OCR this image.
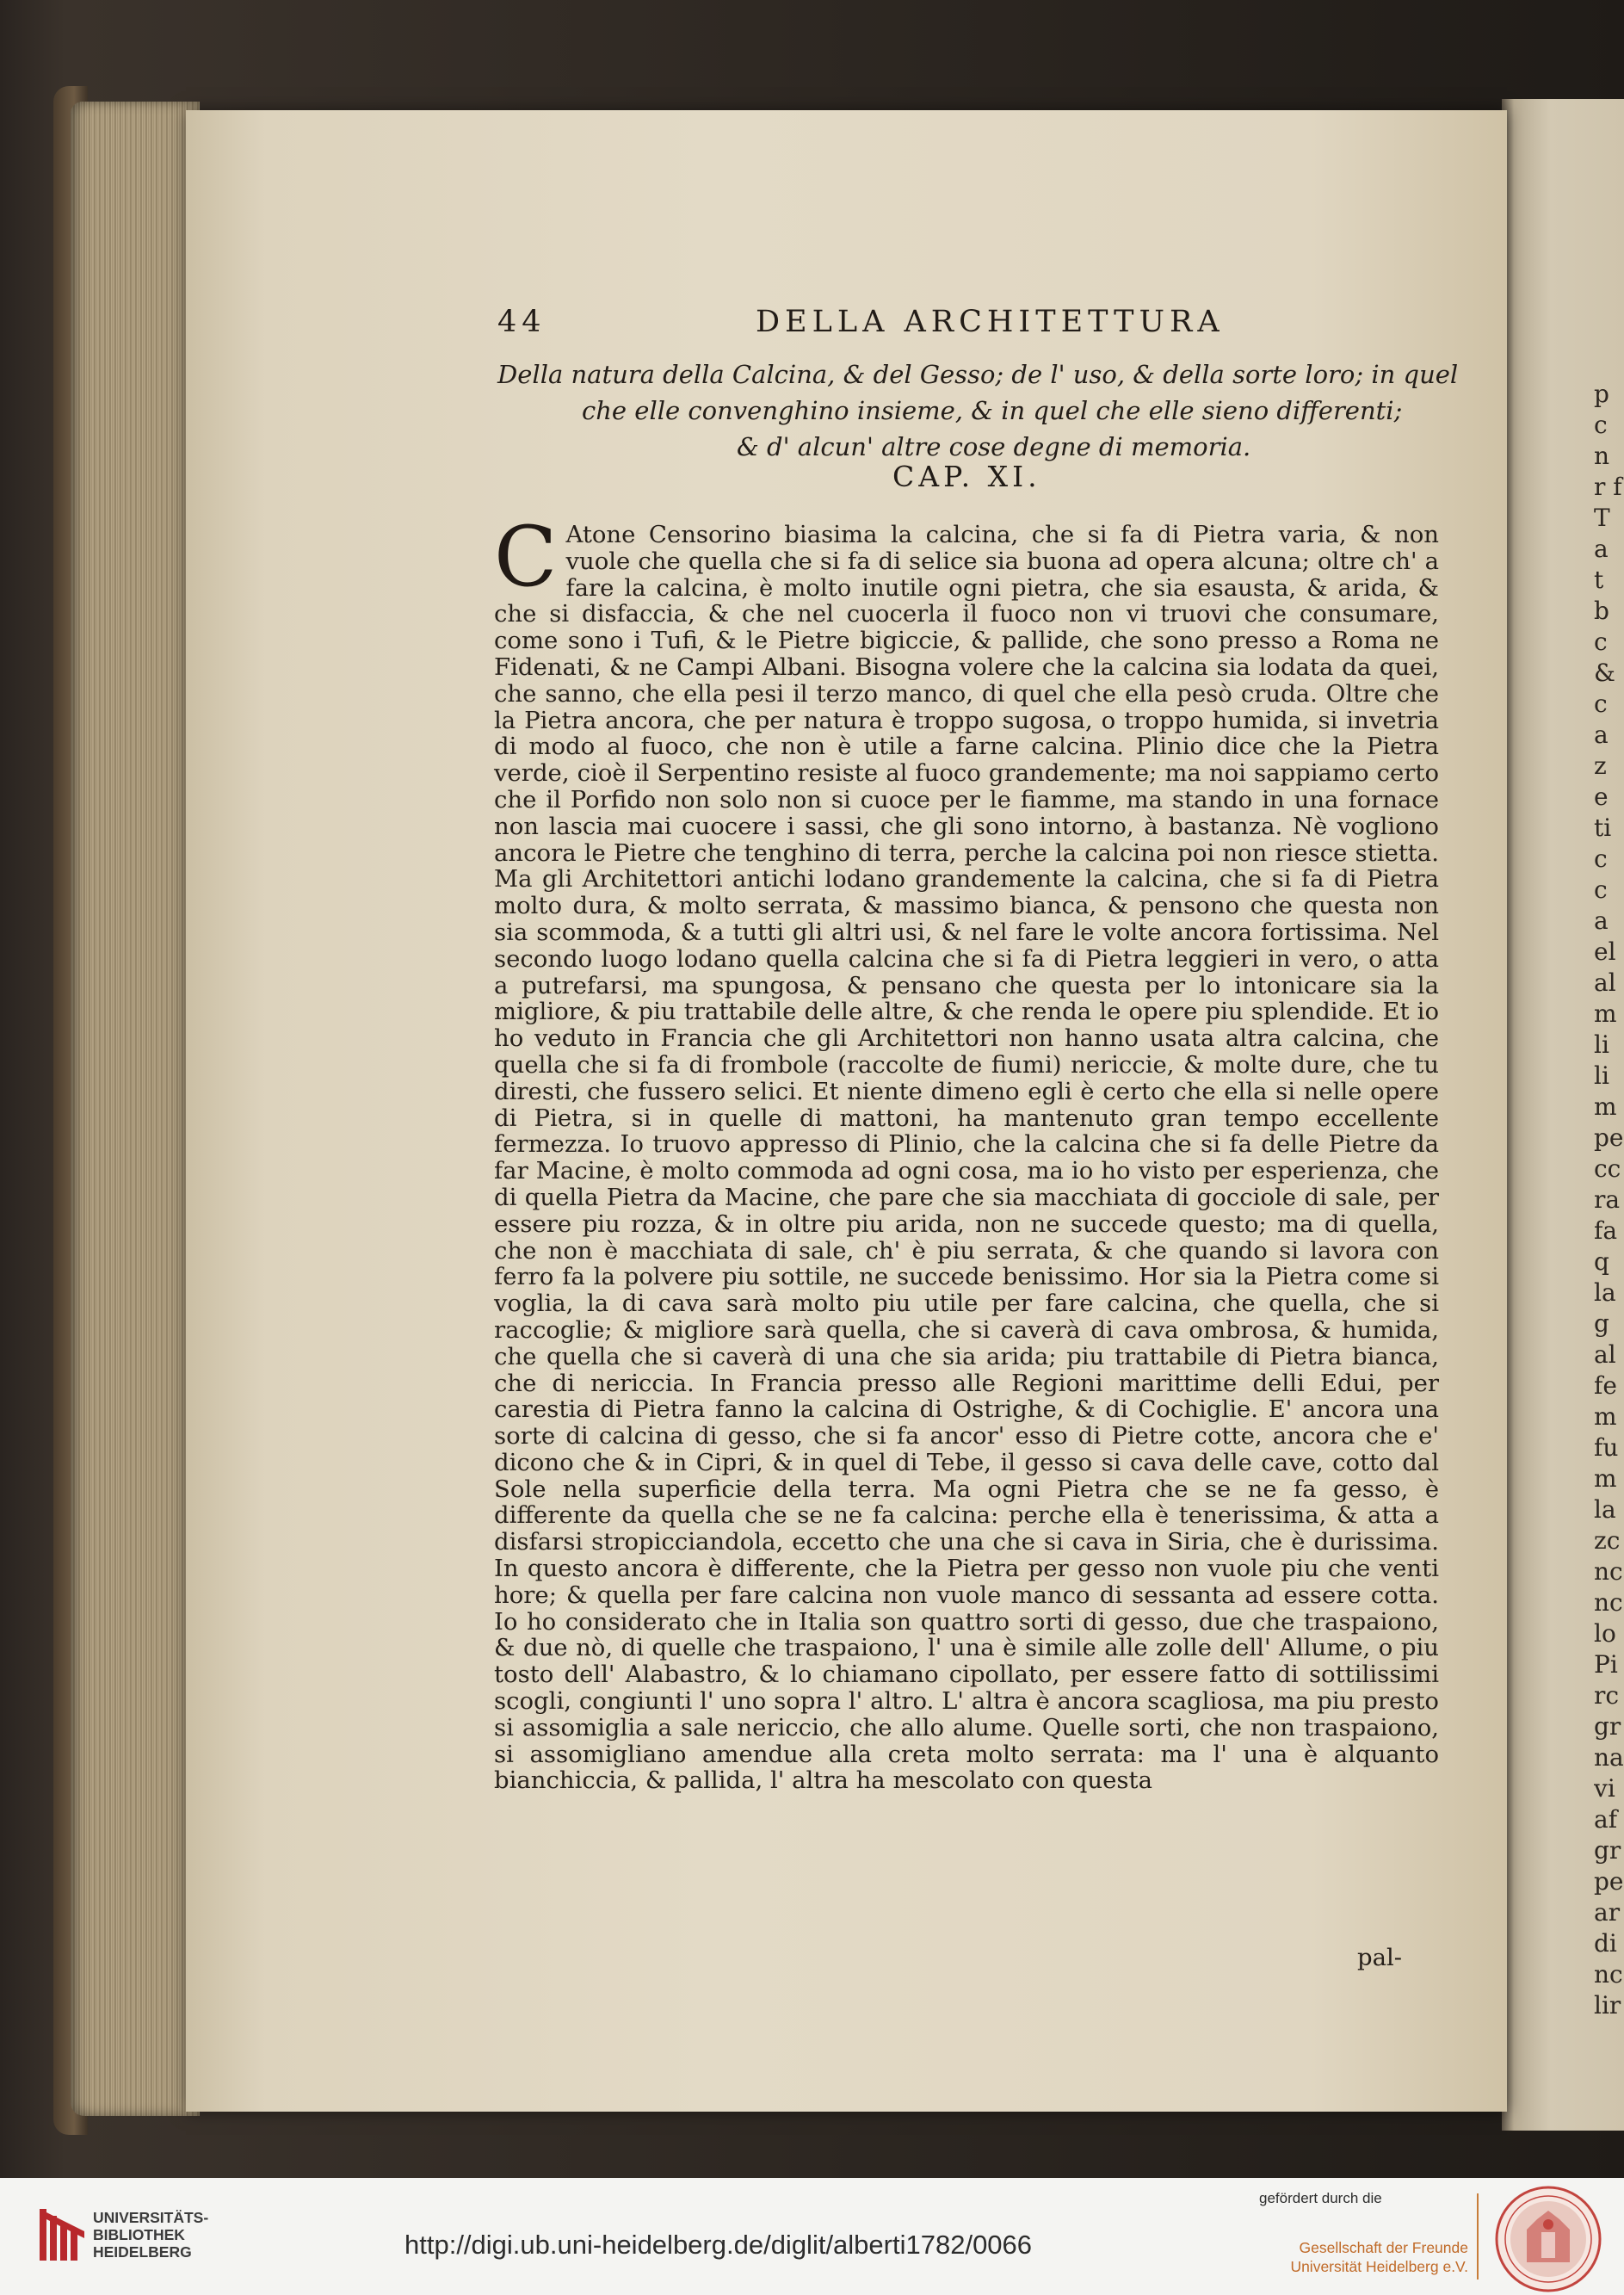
p c n r f T a t b c & c a z e ti c c a el al m li li m pe cc ra fa q la g al fe m fu m la zc nc nc lo Pi rc gr na vi af gr pe ar di nc lir
44	DELLA ARCHITETTURA
Della natura della Calcina, & del Gesso; de l' uso, & della sorte loro; in quel
che elle convenghino insieme, & in quel che elle sieno differenti;
& d' alcun' altre cose degne di memoria.
CAP. XI.
C Atone Censorino biasima la calcina, che si fa di Pietra varia, & non vuole che quella che si fa di selice sia buona ad opera alcuna; oltre ch' a fare la calcina, è molto inutile ogni pietra, che sia esausta, & arida, & che si disfaccia, & che nel cuocerla il fuoco non vi truovi che consumare, come sono i Tufi, & le Pietre bigiccie, & pallide, che sono presso a Roma ne Fidenati, & ne Campi Albani. Bisogna volere che la calcina sia lodata da quei, che sanno, che ella pesi il terzo manco, di quel che ella pesò cruda. Oltre che la Pietra ancora, che per natura è troppo sugosa, o troppo humida, si invetria di modo al fuoco, che non è utile a farne calcina. Plinio dice che la Pietra verde, cioè il Serpentino resiste al fuoco grandemente; ma noi sappiamo certo che il Porfido non solo non si cuoce per le fiamme, ma stando in una fornace non lascia mai cuocere i sassi, che gli sono intorno, à bastanza. Nè vogliono ancora le Pietre che tenghino di terra, perche la calcina poi non riesce stietta. Ma gli Architettori antichi lodano grandemente la calcina, che si fa di Pietra molto dura, & molto serrata, & massimo bianca, & pensono che questa non sia scommoda, & a tutti gli altri usi, & nel fare le volte ancora fortissima. Nel secondo luogo lodano quella calcina che si fa di Pietra leggieri in vero, o atta a putrefarsi, ma spungosa, & pensano che questa per lo intonicare sia la migliore, & piu trattabile delle altre, & che renda le opere piu splendide. Et io ho veduto in Francia che gli Architettori non hanno usata altra calcina, che quella che si fa di frombole (raccolte de fiumi) nericcie, & molte dure, che tu diresti, che fussero selici. Et niente dimeno egli è certo che ella si nelle opere di Pietra, si in quelle di mattoni, ha mantenuto gran tempo eccellente fermezza. Io truovo appresso di Plinio, che la calcina che si fa delle Pietre da far Macine, è molto commoda ad ogni cosa, ma io ho visto per esperienza, che di quella Pietra da Macine, che pare che sia macchiata di gocciole di sale, per essere piu rozza, & in oltre piu arida, non ne succede questo; ma di quella, che non è macchiata di sale, ch' è piu serrata, & che quando si lavora con ferro fa la polvere piu sottile, ne succede benissimo. Hor sia la Pietra come si voglia, la di cava sarà molto piu utile per fare calcina, che quella, che si raccoglie; & migliore sarà quella, che si caverà di cava ombrosa, & humida, che quella che si caverà di una che sia arida; piu trattabile di Pietra bianca, che di nericcia. In Francia presso alle Regioni marittime delli Edui, per carestia di Pietra fanno la calcina di Ostrighe, & di Cochiglie. E' ancora una sorte di calcina di gesso, che si fa ancor' esso di Pietre cotte, ancora che e' dicono che & in Cipri, & in quel di Tebe, il gesso si cava delle cave, cotto dal Sole nella superficie della terra. Ma ogni Pietra che se ne fa gesso, è differente da quella che se ne fa calcina: perche ella è tenerissima, & atta a disfarsi stropicciandola, eccetto che una che si cava in Siria, che è durissima. In questo ancora è differente, che la Pietra per gesso non vuole piu che venti hore; & quella per fare calcina non vuole manco di sessanta ad essere cotta. Io ho considerato che in Italia son quattro sorti di gesso, due che traspaiono, & due nò, di quelle che traspaiono, l' una è simile alle zolle dell' Allume, o piu tosto dell' Alabastro, & lo chiamano cipollato, per essere fatto di sottilissimi scogli, congiunti l' uno sopra l' altro. L' altra è ancora scagliosa, ma piu presto si assomiglia a sale nericcio, che allo alume. Quelle sorti, che non traspaiono, si assomigliano amendue alla creta molto serrata: ma l' una è alquanto bianchiccia, & pallida, l' altra ha mescolato con questa
pal-
UNIVERSITÄTS-
BIBLIOTHEK
HEIDELBERG	http://digi.ub.uni-heidelberg.de/diglit/alberti1782/0066
gefördert durch die
Gesellschaft der Freunde
Universität Heidelberg e.V.
